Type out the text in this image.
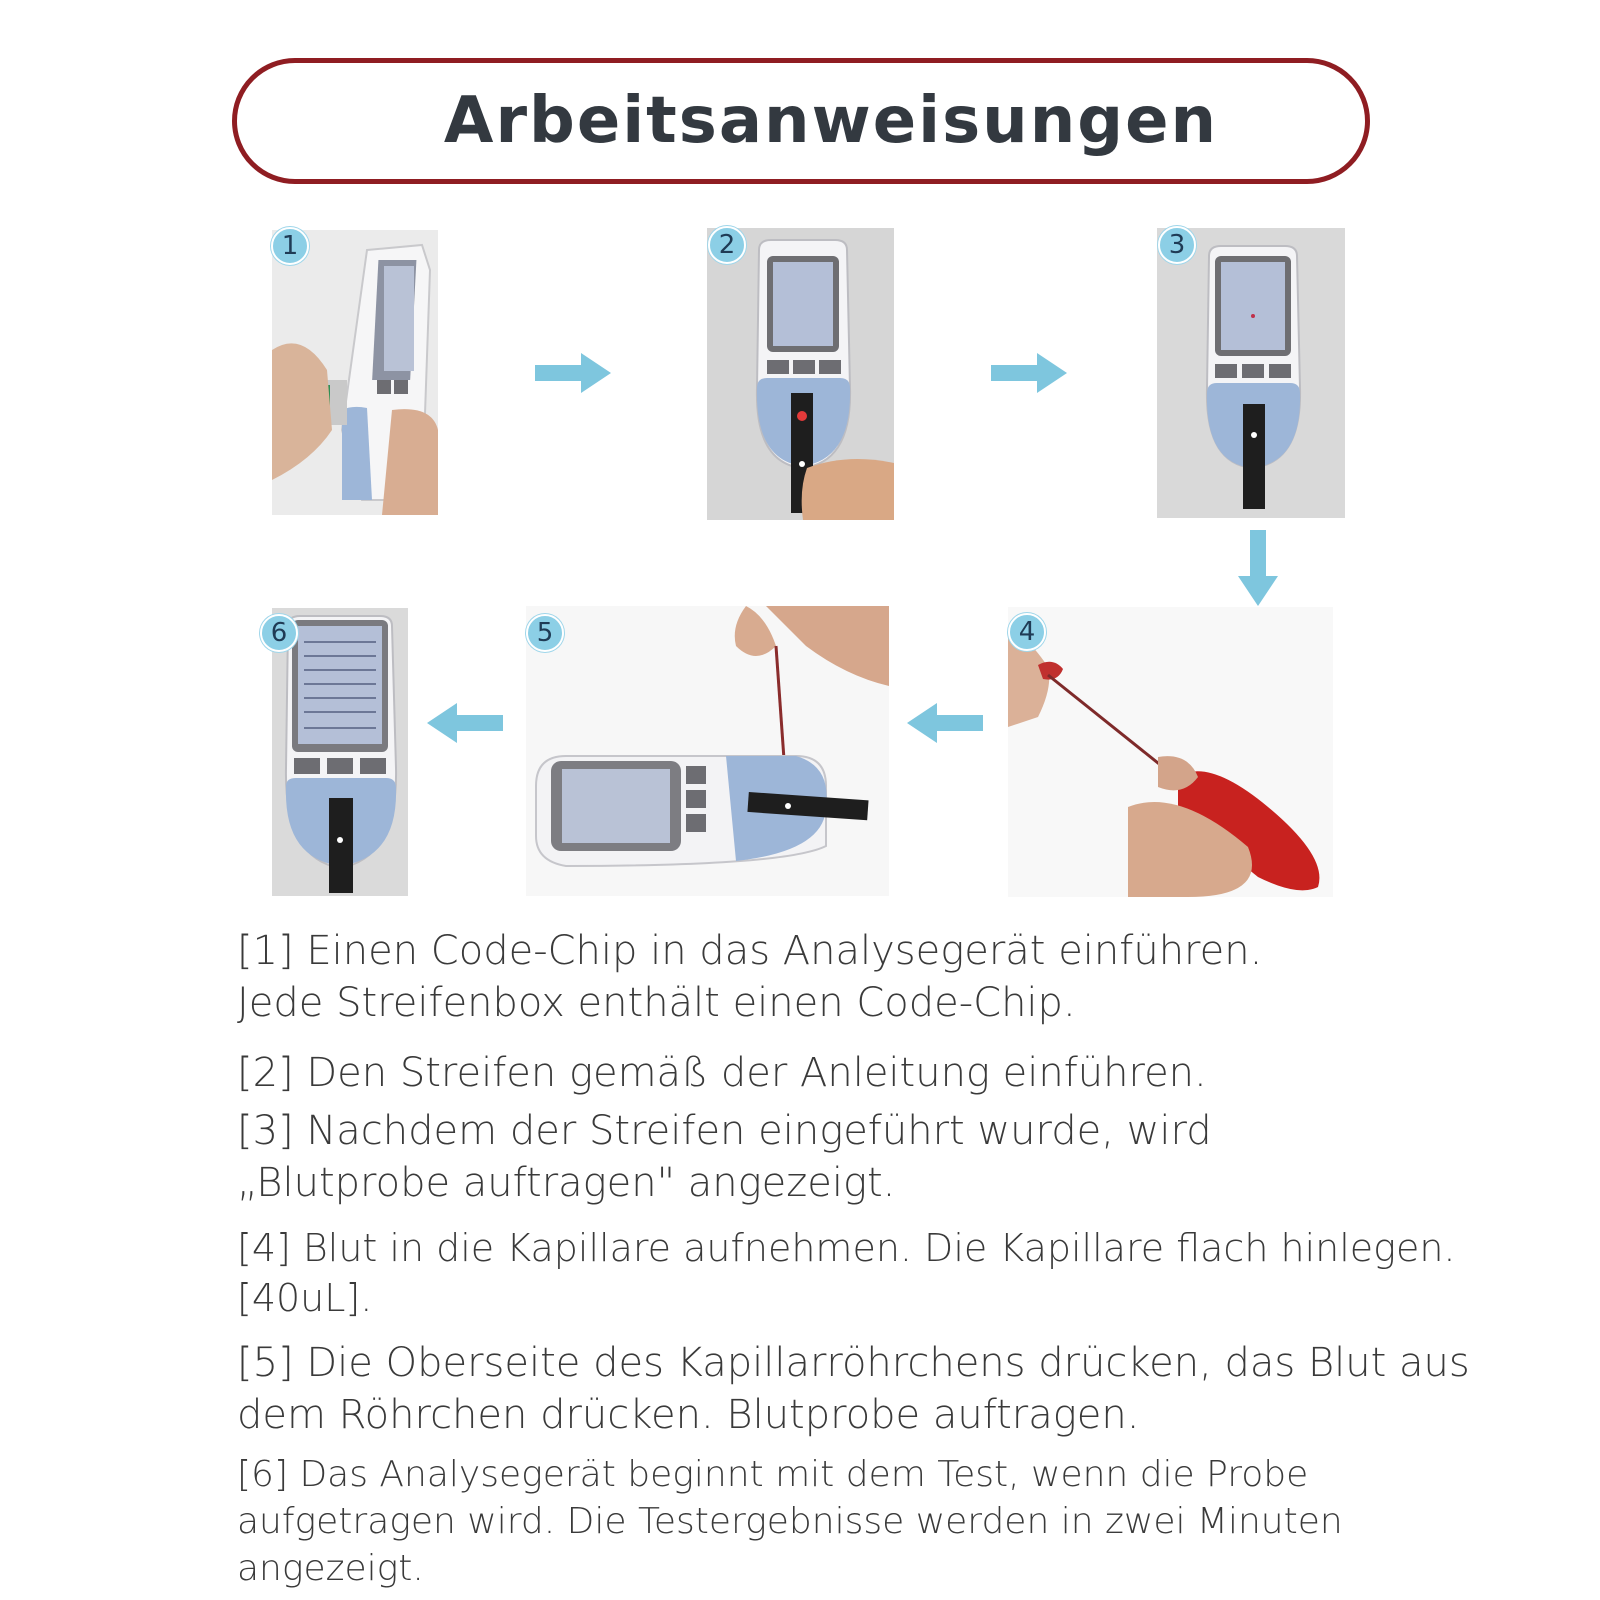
Arbeitsanweisungen
1	2	3
4
5
6

[1] Einen Code-Chip in das Analysegerät einführen.
Jede Streifenbox enthält einen Code-Chip.

[2] Den Streifen gemäß der Anleitung einführen.

[3] Nachdem der Streifen eingeführt wurde, wird
„Blutprobe auftragen" angezeigt.

[4] Blut in die Kapillare aufnehmen. Die Kapillare flach hinlegen.
[40uL].

[5] Die Oberseite des Kapillarröhrchens drücken, das Blut aus
dem Röhrchen drücken. Blutprobe auftragen.

[6] Das Analysegerät beginnt mit dem Test, wenn die Probe
aufgetragen wird. Die Testergebnisse werden in zwei Minuten
angezeigt.
